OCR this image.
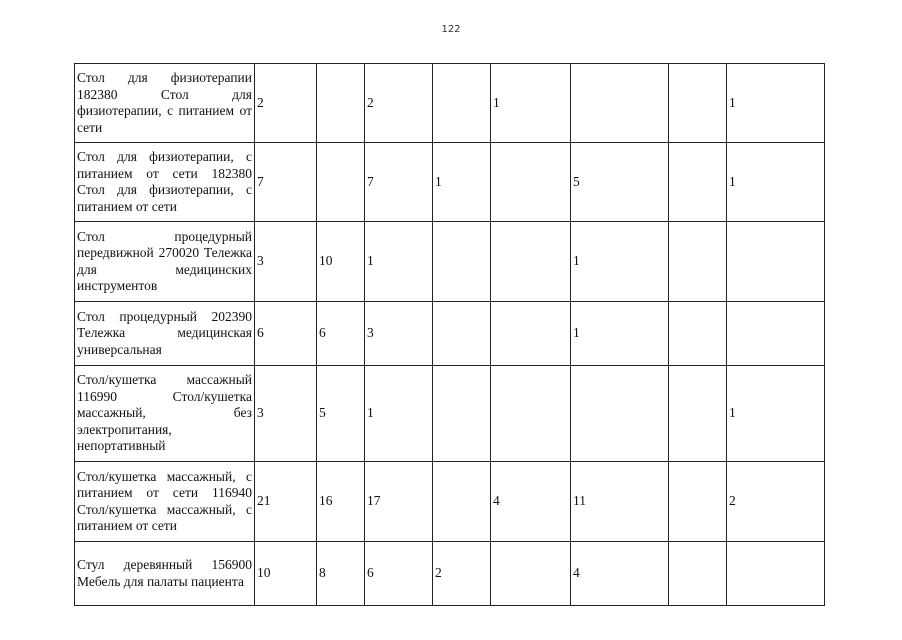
122
Стол для физиотерапии 182380 Стол для физиотерапии, с питанием от сети	2		2		1			1
Стол для физиотерапии, с питанием от сети 182380 Стол для физиотерапии, с питанием от сети	7		7	1		5		1
Стол процедурный передвижной 270020 Тележка для медицинских инструментов	3	10	1			1		
Стол процедурный 202390 Тележка медицинская универсальная	6	6	3			1		
Стол/кушетка массажный 116990 Стол/кушетка массажный, без электропитания, непортативный	3	5	1					1
Стол/кушетка массажный, с питанием от сети 116940 Стол/кушетка массажный, с питанием от сети	21	16	17		4	11		2
Стул деревянный 156900 Мебель для палаты пациента	10	8	6	2		4		
